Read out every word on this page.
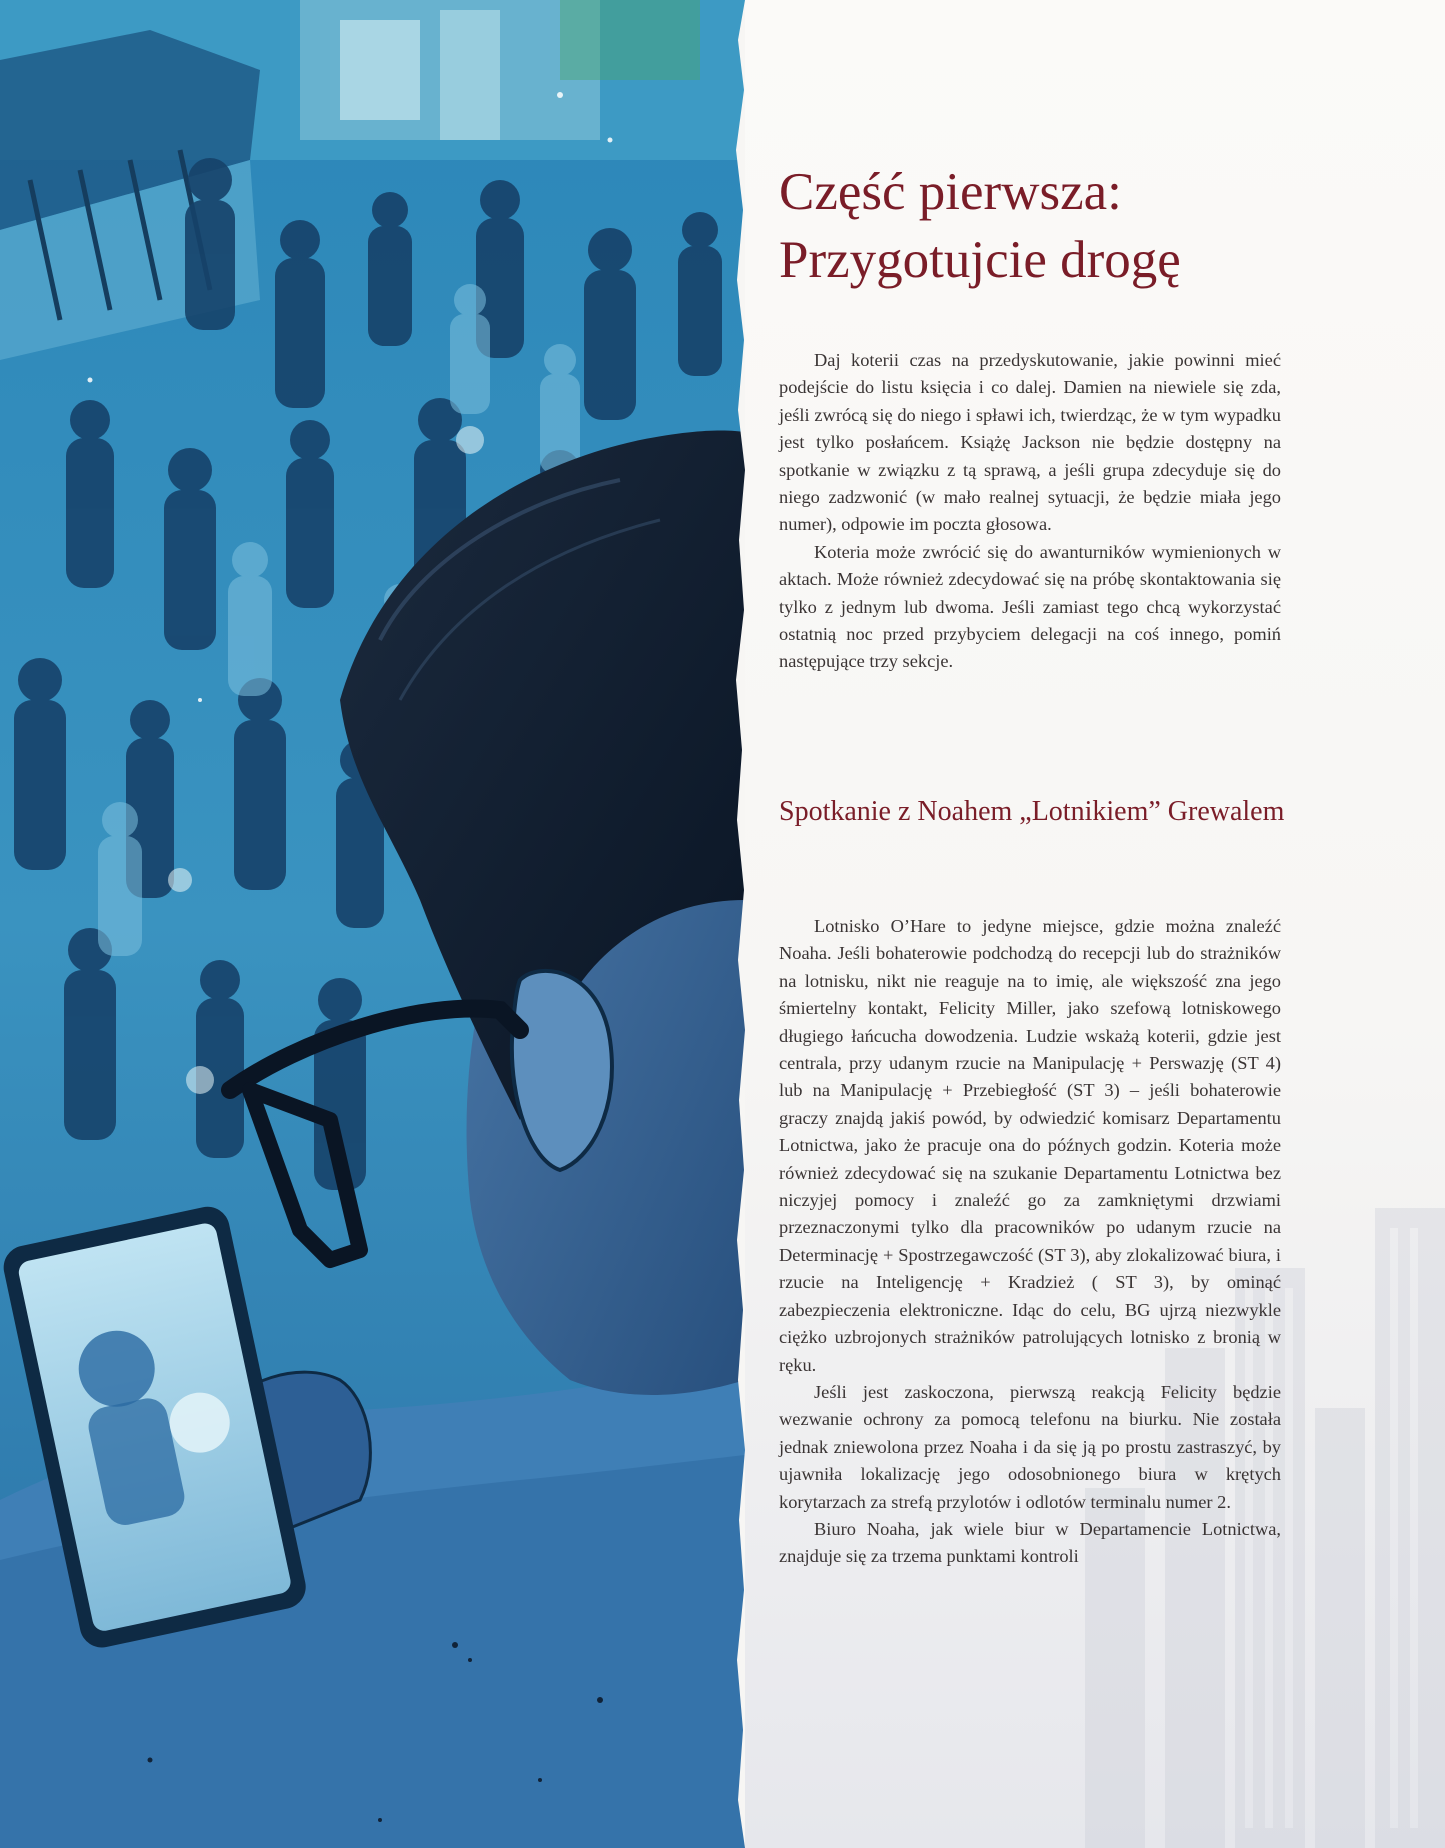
Część pierwsza: Przygotujcie drogę

Daj koterii czas na przedyskutowanie, jakie powinni mieć podejście do listu księcia i co dalej. Damien na niewiele się zda, jeśli zwrócą się do niego i spławi ich, twierdząc, że w tym wypadku jest tylko posłańcem. Książę Jackson nie będzie dostępny na spotkanie w związku z tą sprawą, a jeśli grupa zdecyduje się do niego zadzwonić (w mało realnej sytuacji, że będzie miała jego numer), odpowie im poczta głosowa.

Koteria może zwrócić się do awanturników wymienionych w aktach. Może również zdecydować się na próbę skontaktowania się tylko z jednym lub dwoma. Jeśli zamiast tego chcą wykorzystać ostatnią noc przed przybyciem delegacji na coś innego, pomiń następujące trzy sekcje.

Spotkanie z Noahem „Lotnikiem” Grewalem

Lotnisko O’Hare to jedyne miejsce, gdzie można znaleźć Noaha. Jeśli bohaterowie podchodzą do recepcji lub do strażników na lotnisku, nikt nie reaguje na to imię, ale większość zna jego śmiertelny kontakt, Felicity Miller, jako szefową lotniskowego długiego łańcucha dowodzenia. Ludzie wskażą koterii, gdzie jest centrala, przy udanym rzucie na Manipulację + Perswazję (ST 4) lub na Manipulację + Przebiegłość (ST 3) – jeśli bohaterowie graczy znajdą jakiś powód, by odwiedzić komisarz Departamentu Lotnictwa, jako że pracuje ona do późnych godzin. Koteria może również zdecydować się na szukanie Departamentu Lotnictwa bez niczyjej pomocy i znaleźć go za zamkniętymi drzwiami przeznaczonymi tylko dla pracowników po udanym rzucie na Determinację + Spostrzegawczość (ST 3), aby zlokalizować biura, i rzucie na Inteligencję + Kradzież ( ST 3), by ominąć zabezpieczenia elektroniczne. Idąc do celu, BG ujrzą niezwykle ciężko uzbrojonych strażników patrolujących lotnisko z bronią w ręku.

Jeśli jest zaskoczona, pierwszą reakcją Felicity będzie wezwanie ochrony za pomocą telefonu na biurku. Nie została jednak zniewolona przez Noaha i da się ją po prostu zastraszyć, by ujawniła lokalizację jego odosobnionego biura w krętych korytarzach za strefą przylotów i odlotów terminalu numer 2.

Biuro Noaha, jak wiele biur w Departamencie Lotnictwa, znajduje się za trzema punktami kontroli
